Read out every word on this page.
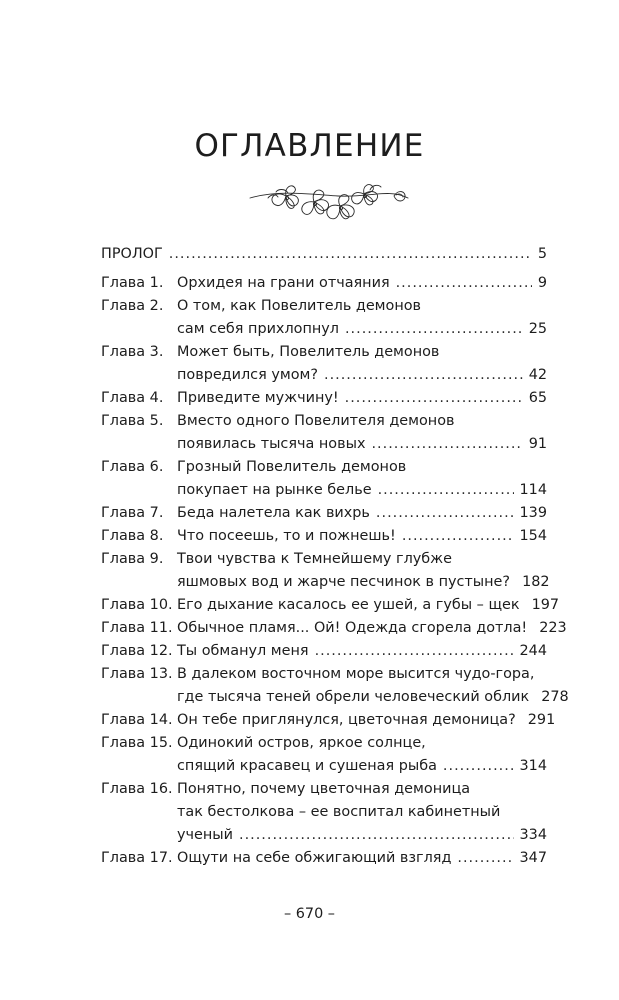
ОГЛАВЛЕНИЕ
ПРОЛОГ .....	5
Глава 1. Орхидея на грани отчаяния .....	9
Глава 2. О том, как Повелитель демонов
сам себя прихлопнул .....	25
Глава 3. Может быть, Повелитель демонов
повредился умом? .....	42
Глава 4. Приведите мужчину! .....	65
Глава 5. Вместо одного Повелителя демонов
появилась тысяча новых .....	91
Глава 6. Грозный Повелитель демонов
покупает на рынке белье .....	114
Глава 7. Беда налетела как вихрь .....	139
Глава 8. Что посеешь, то и пожнешь! .....	154
Глава 9. Твои чувства к Темнейшему глубже
яшмовых вод и жарче песчинок в пустыне? 182
Глава 10. Его дыхание касалось ее ушей, а губы – щек 197
Глава 11. Обычное пламя... Ой! Одежда сгорела дотла! 223
Глава 12. Ты обманул меня .....	244
Глава 13. В далеком восточном море высится чудо-гора,
где тысяча теней обрели человеческий облик 278
Глава 14. Он тебе приглянулся, цветочная демоница? 291
Глава 15. Одинокий остров, яркое солнце,
спящий красавец и сушеная рыба .....	314
Глава 16. Понятно, почему цветочная демоница
так бестолкова – ее воспитал кабинетный
ученый .....	334
Глава 17. Ощути на себе обжигающий взгляд .....	347
– 670 –
